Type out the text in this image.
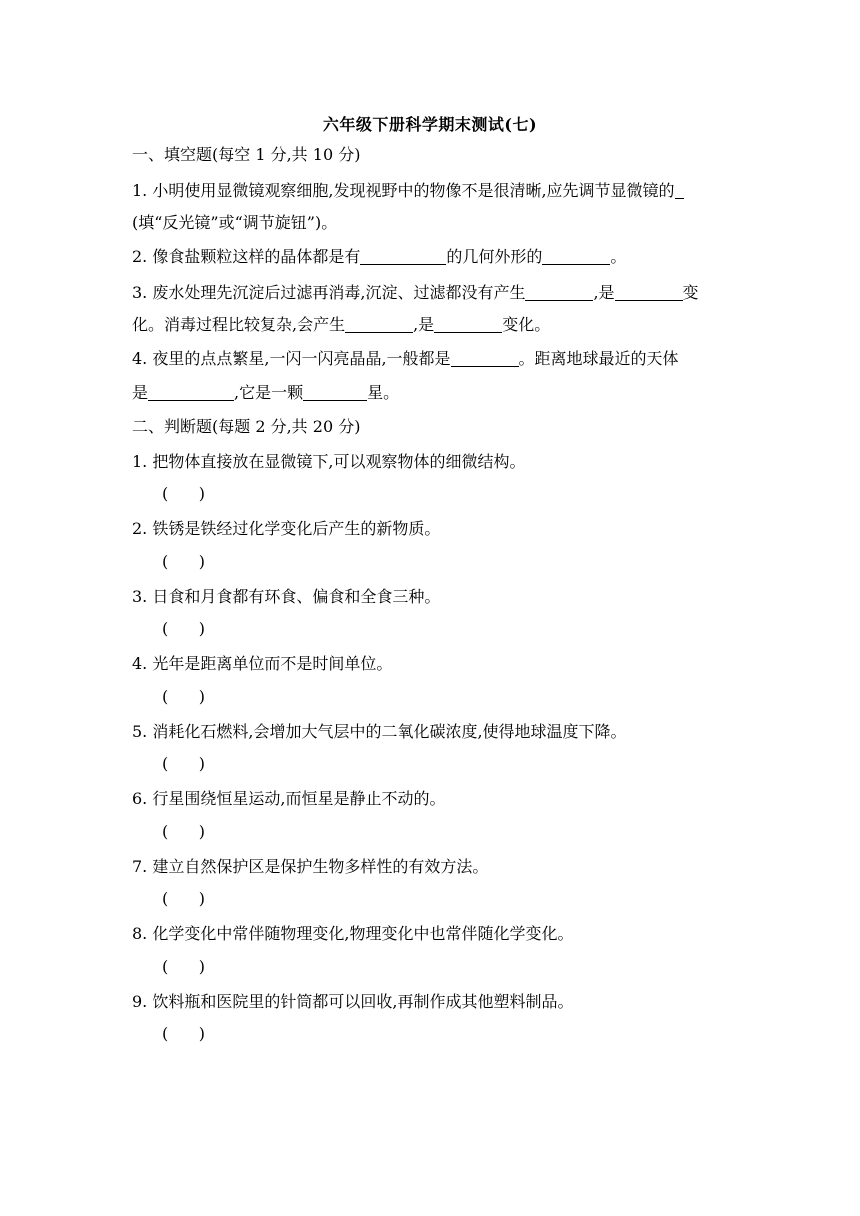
六年级下册科学期末测试(七)
一、填空题(每空 1 分,共 10 分)
1. 小明使用显微镜观察细胞,发现视野中的物像不是很清晰,应先调节显微镜的
(填“反光镜”或“调节旋钮”)。
2. 像食盐颗粒这样的晶体都是有	的几何外形的	。
3. 废水处理先沉淀后过滤再消毒,沉淀、过滤都没有产生	,是	变
化。消毒过程比较复杂,会产生	,是	变化。
4. 夜里的点点繁星,一闪一闪亮晶晶,一般都是	。距离地球最近的天体
是	,它是一颗	星。
二、判断题(每题 2 分,共 20 分)
1. 把物体直接放在显微镜下,可以观察物体的细微结构。
(      )
2. 铁锈是铁经过化学变化后产生的新物质。
(      )
3. 日食和月食都有环食、偏食和全食三种。
(      )
4. 光年是距离单位而不是时间单位。
(      )
5. 消耗化石燃料,会增加大气层中的二氧化碳浓度,使得地球温度下降。
(      )
6. 行星围绕恒星运动,而恒星是静止不动的。
(      )
7. 建立自然保护区是保护生物多样性的有效方法。
(      )
8. 化学变化中常伴随物理变化,物理变化中也常伴随化学变化。
(      )
9. 饮料瓶和医院里的针筒都可以回收,再制作成其他塑料制品。
(      )
